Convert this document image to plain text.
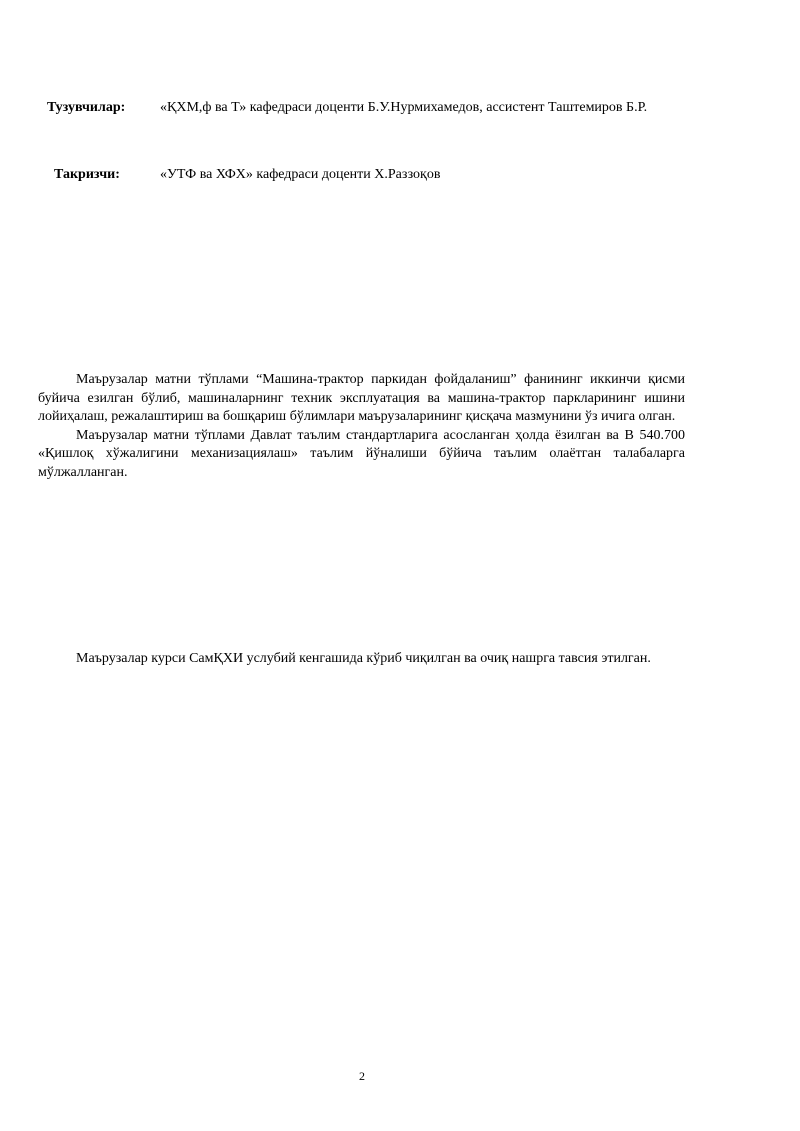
Тузувчилар: «ҚХМ,ф ва Т» кафедраси доценти Б.У.Нурмихамедов, ассистент Таштемиров Б.Р.
Такризчи:	«УТФ ва ХФХ» кафедраси доценти Х.Раззоқов

Маърузалар матни тўплами “Машина-трактор паркидан фойдаланиш” фанининг иккинчи қисми буйича езилган бўлиб, машиналарнинг техник эксплуатация ва машина-трактор паркларининг ишини лойиҳалаш, режалаштириш ва бошқариш бўлимлари маърузаларининг қисқача мазмунини ўз ичига олган.

Маърузалар матни тўплами Давлат таълим стандартларига асосланган ҳолда ёзилган ва В 540.700 «Қишлоқ хўжалигини механизациялаш» таълим йўналиши бўйича таълим олаётган талабаларга мўлжалланган.

Маърузалар курси СамҚХИ услубий кенгашида кўриб чиқилган ва очиқ нашрга тавсия этилган.

2
